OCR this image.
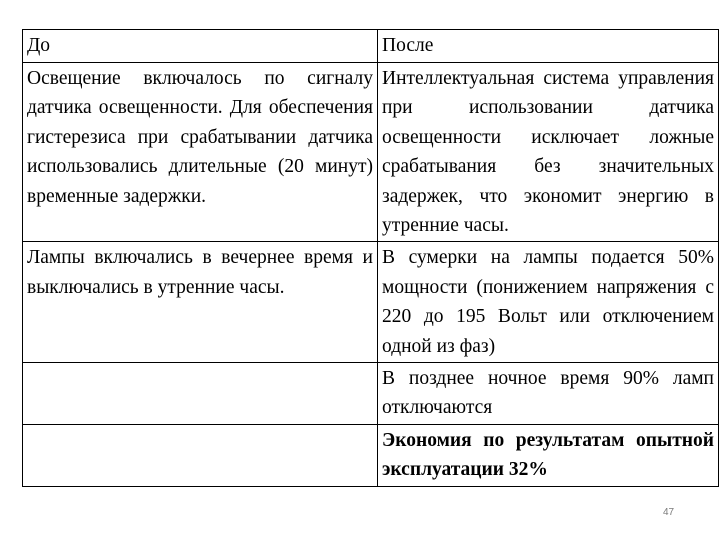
До	После
Освещение включалось по сигналу датчика освещенности. Для обеспечения гистерезиса при срабатывании датчика использовались длительные (20 минут) временные задержки.	Интеллектуальная система управления при использовании датчика освещенности исключает ложные срабатывания без значительных задержек, что экономит энергию в утренние часы.
Лампы включались в вечернее время и выключались в утренние часы.	В сумерки на лампы подается 50% мощности (понижением напряжения с 220 до 195 Вольт или отключением одной из фаз)
	В позднее ночное время 90% ламп отключаются
	Экономия по результатам опытной эксплуатации 32%
47
